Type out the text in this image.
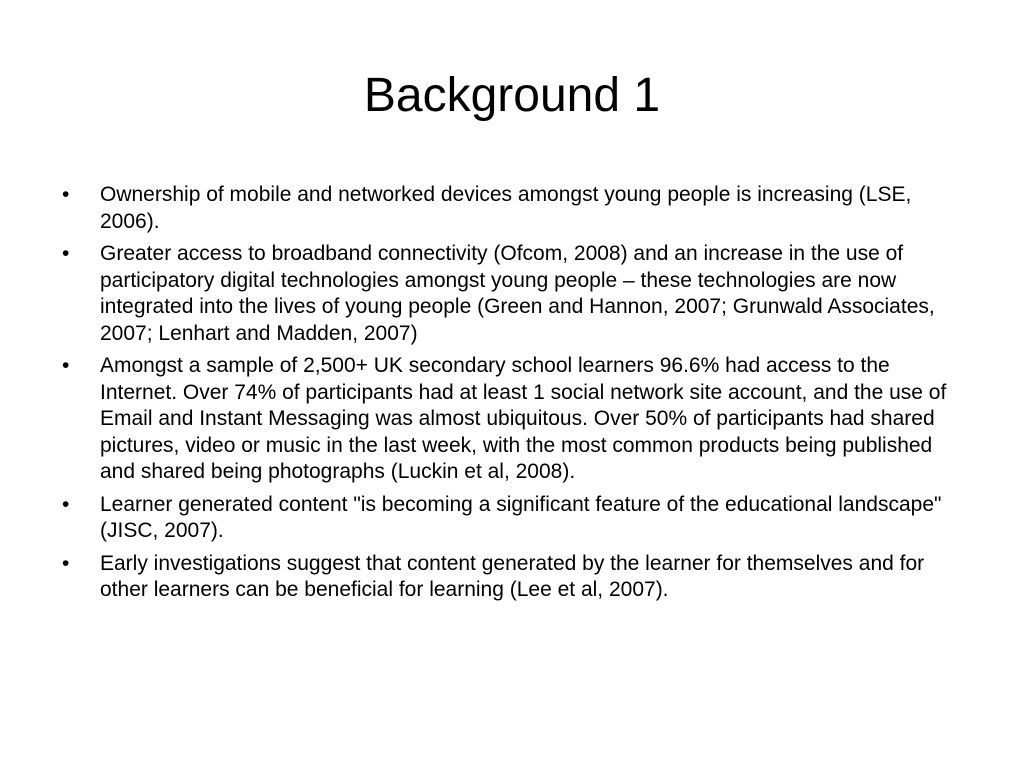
Background 1
•	Ownership of mobile and networked devices amongst young people is increasing (LSE, 2006).
•	Greater access to broadband connectivity (Ofcom, 2008) and an increase in the use of participatory digital technologies amongst young people – these technologies are now integrated into the lives of young people (Green and Hannon, 2007; Grunwald Associates, 2007; Lenhart and Madden, 2007)
•	Amongst a sample of 2,500+ UK secondary school learners 96.6% had access to the Internet. Over 74% of participants had at least 1 social network site account, and the use of Email and Instant Messaging was almost ubiquitous. Over 50% of participants had shared pictures, video or music in the last week, with the most common products being published and shared being photographs (Luckin et al, 2008).
•	Learner generated content "is becoming a significant feature of the educational landscape" (JISC, 2007).
•	Early investigations suggest that content generated by the learner for themselves and for other learners can be beneficial for learning (Lee et al, 2007).
